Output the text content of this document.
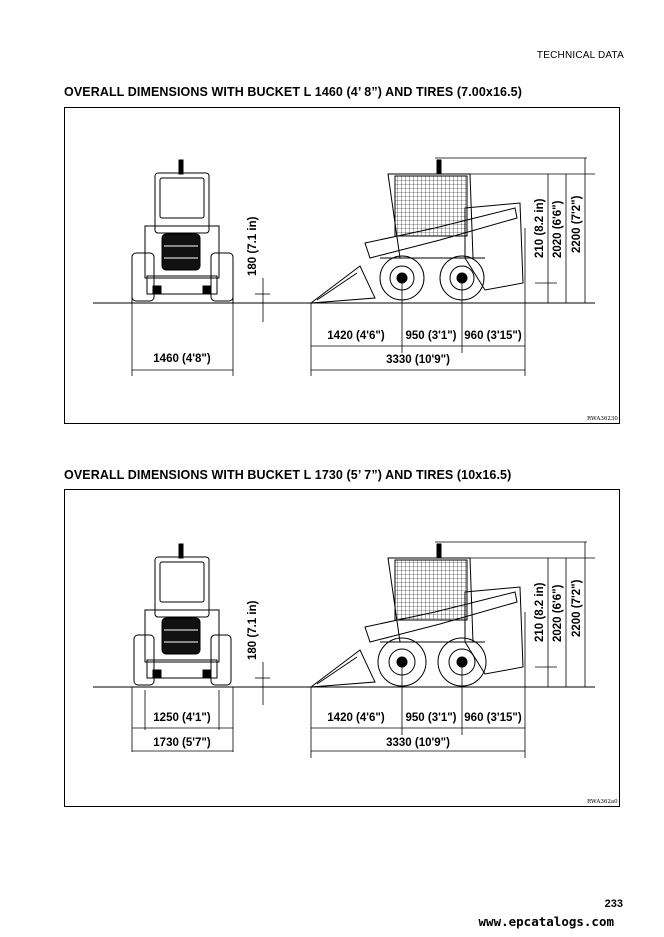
TECHNICAL DATA
OVERALL DIMENSIONS WITH BUCKET L 1460 (4’ 8”) AND TIRES (7.00x16.5)
1460 (4'8")
180 (7.1 in)
1420 (4'6") 950 (3'1") 960 (3'15")
3330 (10'9")
210 (8.2 in) 2020 (6'6") 2200 (7'2")
RWA36230
OVERALL DIMENSIONS WITH BUCKET L 1730 (5’ 7”) AND TIRES (10x16.5)
1250 (4'1")
1730 (5'7")
180 (7.1 in)
1420 (4'6") 950 (3'1") 960 (3'15")
3330 (10'9")
210 (8.2 in) 2020 (6'6") 2200 (7'2")
RWA362a0
233
www.epcatalogs.com
